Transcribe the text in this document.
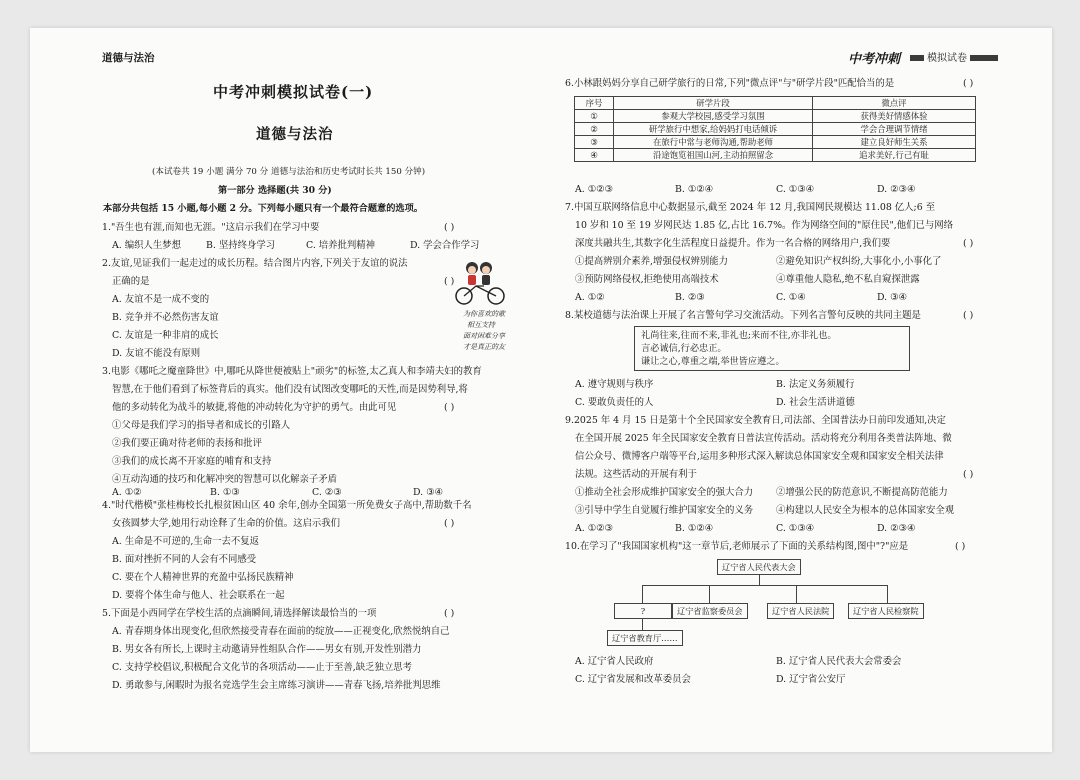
道德与法治	中考冲刺	模拟试卷
中考冲刺模拟试卷(一)
道德与法治
(本试卷共 19 小题 满分 70 分 道德与法治和历史考试时长共 150 分钟)
第一部分 选择题(共 30 分)
本部分共包括 15 小题,每小题 2 分。下列每小题只有一个最符合题意的选项。
1."吾生也有涯,而知也无涯。"这启示我们在学习中要	( )
2.友谊,见证我们一起走过的成长历程。结合图片内容,下列关于友谊的说法
正确的是	( )
A. 友谊不是一成不变的
B. 竞争并不必然伤害友谊
C. 友谊是一种非肩的成长
D. 友谊不能没有原则
3.电影《哪吒之魔童降世》中,哪吒从降世便被贴上"顽劣"的标签,太乙真人和李靖夫妇的教育
智慧,在于他们看到了标签背后的真实。他们没有试图改变哪吒的天性,而是因势利导,将
他的多动转化为战斗的敏捷,将他的冲动转化为守护的勇气。由此可见	( )
①父母是我们学习的指导者和成长的引路人
②我们要正确对待老师的表扬和批评
③我们的成长离不开家庭的哺育和支持
④互动沟通的技巧和化解冲突的智慧可以化解亲子矛盾
4."时代楷模"张桂梅校长扎根贫困山区 40 余年,创办全国第一所免费女子高中,帮助数千名
女孩圆梦大学,她用行动诠释了生命的价值。这启示我们	( )
A. 生命是不可逆的,生命一去不复返
B. 面对挫折不同的人会有不同感受
C. 要在个人精神世界的充盈中弘扬民族精神
D. 要将个体生命与他人、社会联系在一起
5.下面是小西同学在学校生活的点滴瞬间,请选择解读最恰当的一项	( )
A. 青春期身体出现变化,但欣然接受青春在面前的绽放——正视变化,欣然悦纳自己
B. 男女各有所长,上课时主动邀请异性组队合作——男女有别,开发性别潜力
C. 支持学校倡议,积极配合文化节的各项活动——止于至善,缺乏独立思考
D. 勇敢参与,闲暇时为报名竞选学生会主席练习演讲——青春飞扬,培养批判思维
A. 编织人生梦想	B. 坚持终身学习	C. 培养批判精神	D. 学会合作学习
A. ①②	B. ①③	C. ②③	D. ③④
为你喜欢的歌
相互支持
面对困难分享
才是真正的友
6.小林跟妈妈分享自己研学旅行的日常,下列"微点评"与"研学片段"匹配恰当的是	( )
序号	研学片段	微点评
①	参观大学校园,感受学习氛围	获得美好情感体验
②	研学旅行中想家,给妈妈打电话倾诉	学会合理调节情绪
③	在旅行中常与老师沟通,帮助老师	建立良好师生关系
④	沿途饱览祖国山河,主动拍照留念	追求美好,行己有耻
A. ①②③	B. ①②④	C. ①③④	D. ②③④
7.中国互联网络信息中心数据显示,截至 2024 年 12 月,我国网民规模达 11.08 亿人;6 至
10 岁和 10 至 19 岁网民达 1.85 亿,占比 16.7%。作为网络空间的"原住民",他们已与网络
深度共融共生,其数字化生活程度日益提升。作为一名合格的网络用户,我们要	( )
①提高辨别介素养,增强侵权辨别能力	②避免知识产权纠纷,大事化小,小事化了
③预防网络侵权,拒绝使用高端技术	④尊重他人隐私,绝不私自窥探泄露
A. ①②	B. ②③	C. ①④	D. ③④
8.某校道德与法治课上开展了名言警句学习交流活动。下列名言警句反映的共同主题是	( )
礼尚往来,往而不来,非礼也;来而不往,亦非礼也。
言必诚信,行必忠正。
谦让之心,尊重之端,举世皆应遵之。
A. 遵守规则与秩序	B. 法定义务须履行
C. 要敢负责任的人	D. 社会生活讲道德
9.2025 年 4 月 15 日是第十个全民国家安全教育日,司法部、全国普法办日前印发通知,决定
在全国开展 2025 年全民国家安全教育日普法宣传活动。活动将充分利用各类普法阵地、微
信公众号、微博客户端等平台,运用多种形式深入解读总体国家安全观和国家安全相关法律
法规。这些活动的开展有利于	( )
①推动全社会形成维护国家安全的强大合力 ②增强公民的防范意识,不断提高防范能力
③引导中学生自觉履行维护国家安全的义务 ④构建以人民安全为根本的总体国家安全观
A. ①②③	B. ①②④	C. ①③④	D. ②③④
10.在学习了"我国国家机构"这一章节后,老师展示了下面的关系结构图,图中"?"应是	( )
辽宁省人民代表大会
?	辽宁省监察委员会	辽宁省人民法院	辽宁省人民检察院
辽宁省教育厅……
A. 辽宁省人民政府	B. 辽宁省人民代表大会常委会
C. 辽宁省发展和改革委员会	D. 辽宁省公安厅
